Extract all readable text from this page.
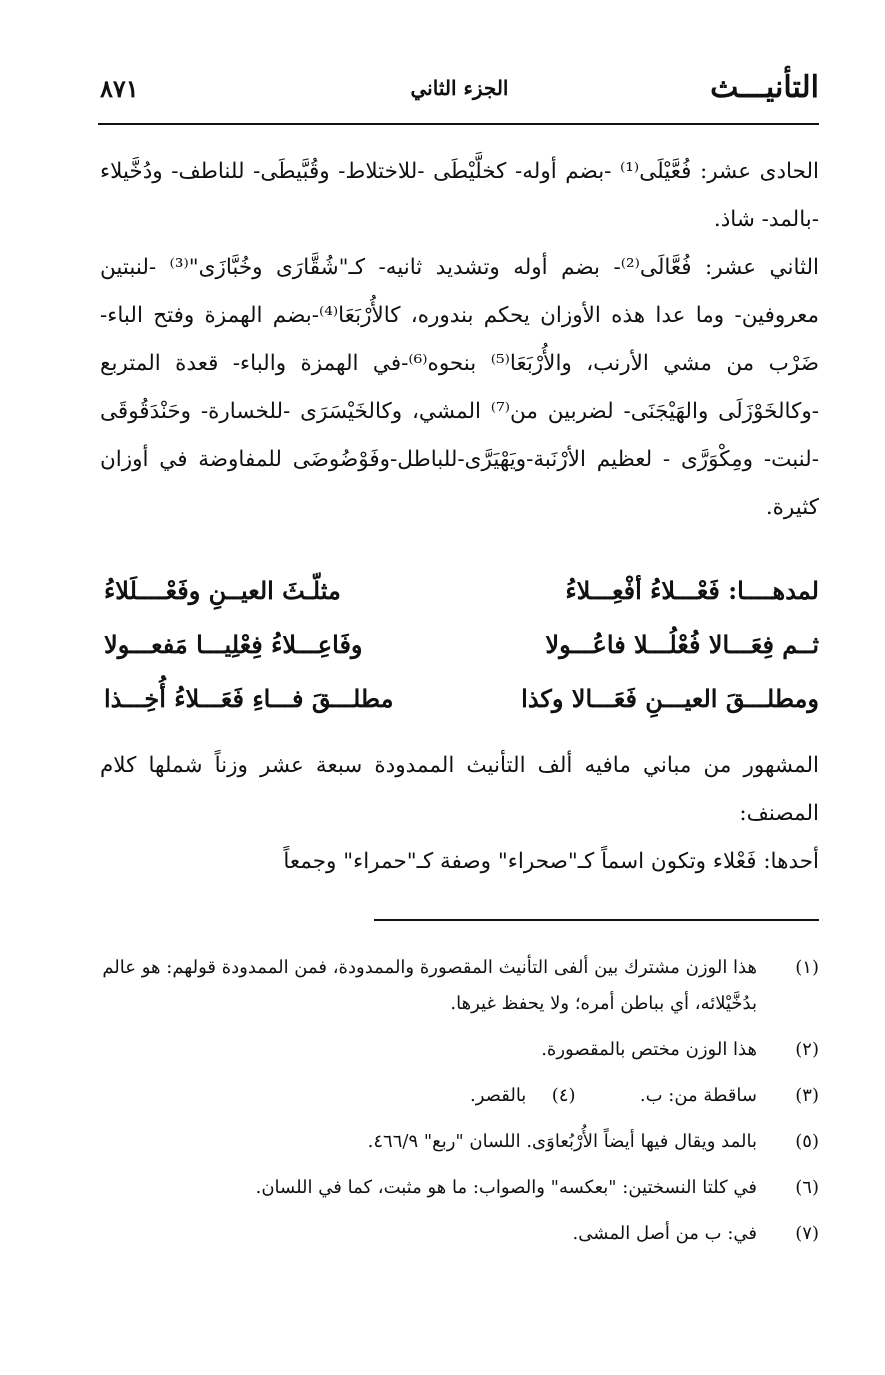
التأنيـــث
الجزء الثاني
٨٧١

الحادى عشر: فُعَّيْلَى⁽¹⁾ -بضم أوله- كخلَّيْطَى -للاختلاط- وقُبَّيطَى- للناطف- ودُخَّيلاء -بالمد- شاذ.

الثاني عشر: فُعَّالَى⁽²⁾- بضم أوله وتشديد ثانيه- كـ"شُقَّارَى وخُبَّازَى"⁽³⁾ -لنبتين معروفين- وما عدا هذه الأوزان يحكم بندوره، كالأُرْبَعَا⁽⁴⁾-بضم الهمزة وفتح الباء-ضَرْب من مشي الأرنب، والأُرْبَعَا⁽⁵⁾ بنحوه⁽⁶⁾-في الهمزة والباء- قعدة المتربع -وكالخَوْزَلَى والهَيْجَنَى- لضربين من⁽⁷⁾ المشي، وكالخَيْسَرَى -للخسارة- وحَنْدَقُوقَى -لنبت- ومِكْوَرَّى - لعظيم الأرْنَبة-ويَهْيَرَّى-للباطل-وفَوْضُوضَى للمفاوضة في أوزان كثيرة.

لمدهــــا: فَعْـــلاءُ أفْعِـــلاءُ
مثلّـثَ العيــنِ وفَعْــــلَلاءُ
ثــم فِعَـــالا فُعْلُـــلا فاعُـــولا
وفَاعِـــلاءُ فِعْلِيـــا مَفعـــولا
ومطلـــقَ العيـــنِ فَعَـــالا وكذا
مطلـــقَ فـــاءِ فَعَـــلاءُ أُخِـــذا

المشهور من مباني مافيه ألف التأنيث الممدودة سبعة عشر وزناً شملها كلام المصنف:

أحدها: فَعْلاء وتكون اسماً كـ"صحراء" وصفة كـ"حمراء" وجمعاً

(١)
هذا الوزن مشترك بين ألفى التأنيث المقصورة والممدودة، فمن الممدودة قولهم: هو عالم بدُخَّيْلائه، أي بباطن أمره؛ ولا يحفظ غيرها.
(٢)
هذا الوزن مختص بالمقصورة.
(٣)
ساقطة من: ب.  (٤)  بالقصر.
(٥)
بالمد ويقال فيها أيضاً الأُرْبُعاوَى. اللسان "ربع" ٤٦٦/٩.
(٦)
في كلتا النسختين: "بعكسه" والصواب: ما هو مثبت، كما في اللسان.
(٧)
في: ب من أصل المشى.
